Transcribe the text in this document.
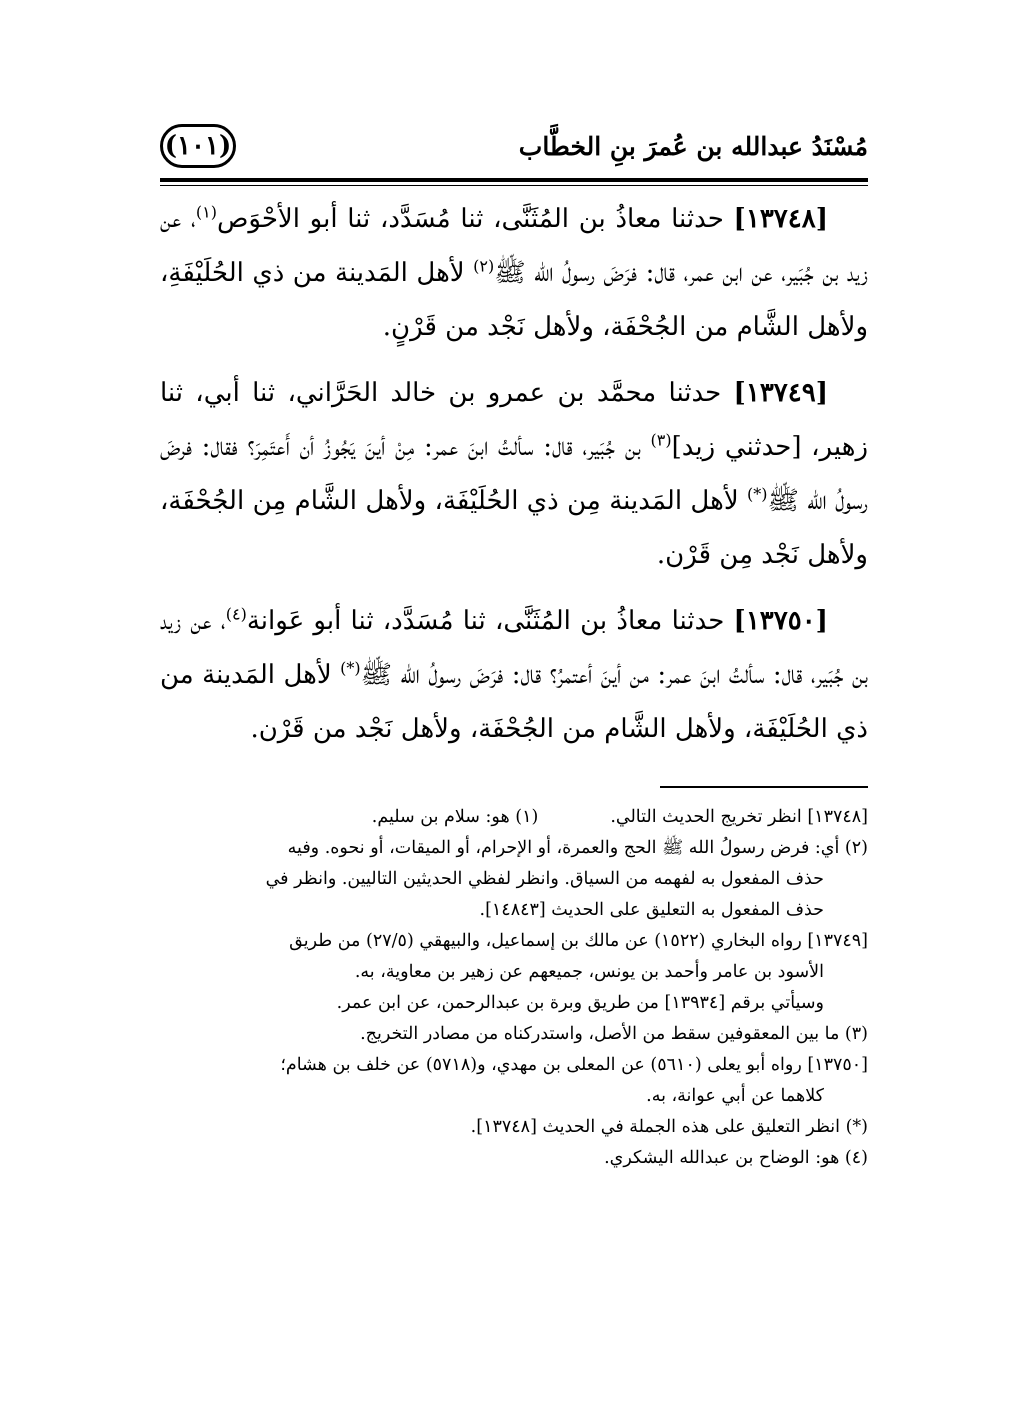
مُسْنَدُ عبدالله بن عُمرَ بنِ الخطَّاب
(١٠١)

[١٣٧٤٨] حدثنا معاذُ بن المُثَنَّى، ثنا مُسَدَّد، ثنا أبو الأحْوَص$^{(١)}$، عن زيد بن جُبَير، عن ابن عمر، قال: فرَضَ رسولُ الله ﷺ$^{(٢)}$ لأهل المَدينة من ذي الحُلَيْفَةِ، ولأهل الشَّام من الجُحْفَة، ولأهل نَجْد من قَرْنٍ.

[١٣٧٤٩] حدثنا محمَّد بن عمرو بن خالد الحَرَّاني، ثنا أبي، ثنا زهير، [حدثني زيد]$^{(٣)}$ بن جُبَير، قال: سألتُ ابنَ عمر: مِنْ أينَ يَجُوزُ أن أَعتَمِرَ؟ فقال: فرضَ رسولُ الله ﷺ(*) لأهل المَدينة مِن ذي الحُلَيْفَة، ولأهل الشَّام مِن الجُحْفَة، ولأهل نَجْد مِن قَرْن.

[١٣٧٥٠] حدثنا معاذُ بن المُثَنَّى، ثنا مُسَدَّد، ثنا أبو عَوانة$^{(٤)}$، عن زيد بن جُبَير، قال: سألتُ ابنَ عمر: من أينَ أعتمرُ؟ قال: فرَضَ رسولُ الله ﷺ(*) لأهل المَدينة من ذي الحُلَيْفَة، ولأهل الشَّام من الجُحْفَة، ولأهل نَجْد من قَرْن.

[١٣٧٤٨] انظر تخريج الحديث التالي.
(١) هو: سلام بن سليم.

(٢) أي: فرض رسولُ الله ﷺ الحج والعمرة، أو الإحرام، أو الميقات، أو نحوه. وفيه

حذف المفعول به لفهمه من السياق. وانظر لفظي الحديثين التاليين. وانظر في

حذف المفعول به التعليق على الحديث [١٤٨٤٣].

[١٣٧٤٩] رواه البخاري (١٥٢٢) عن مالك بن إسماعيل، والبيهقي (٢٧/٥) من طريق

الأسود بن عامر وأحمد بن يونس، جميعهم عن زهير بن معاوية، به.

وسيأتي برقم [١٣٩٣٤] من طريق وبرة بن عبدالرحمن، عن ابن عمر.

(٣) ما بين المعقوفين سقط من الأصل، واستدركناه من مصادر التخريج.

[١٣٧٥٠] رواه أبو يعلى (٥٦١٠) عن المعلى بن مهدي، و(٥٧١٨) عن خلف بن هشام؛

كلاهما عن أبي عوانة، به.

(*) انظر التعليق على هذه الجملة في الحديث [١٣٧٤٨].

(٤) هو: الوضاح بن عبدالله اليشكري.
